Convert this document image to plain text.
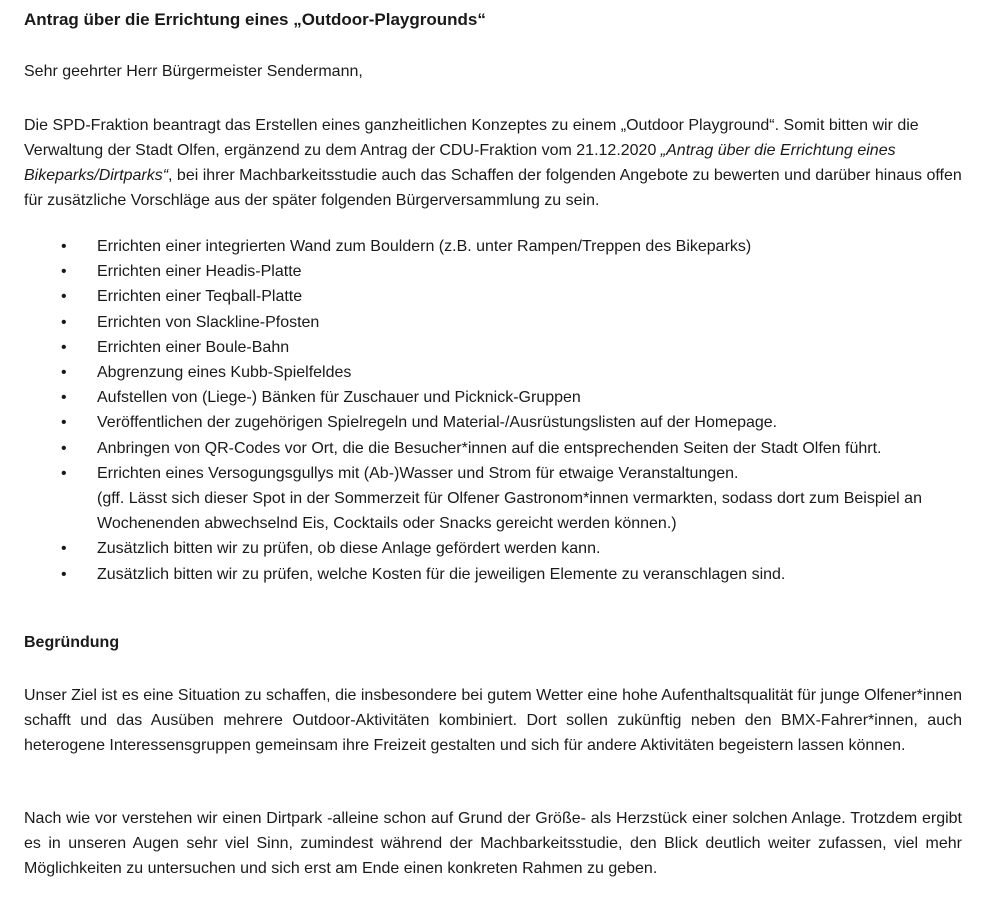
Antrag über die Errichtung eines „Outdoor-Playgrounds“

Sehr geehrter Herr Bürgermeister Sendermann,

Die SPD-Fraktion beantragt das Erstellen eines ganzheitlichen Konzeptes zu einem „Outdoor Playground“. Somit bitten wir die Verwaltung der Stadt Olfen, ergänzend zu dem Antrag der CDU-Fraktion vom 21.12.2020 „Antrag über die Errichtung eines Bikeparks/Dirtparks“, bei ihrer Machbarkeitsstudie auch das Schaffen der folgenden Angebote zu bewerten und darüber hinaus offen für zusätzliche Vorschläge aus der später folgenden Bürgerversammlung zu sein.

• Errichten einer integrierten Wand zum Bouldern (z.B. unter Rampen/Treppen des Bikeparks)
• Errichten einer Headis-Platte
• Errichten einer Teqball-Platte
• Errichten von Slackline-Pfosten
• Errichten einer Boule-Bahn
• Abgrenzung eines Kubb-Spielfeldes
• Aufstellen von (Liege-) Bänken für Zuschauer und Picknick-Gruppen
• Veröffentlichen der zugehörigen Spielregeln und Material-/Ausrüstungslisten auf der Homepage.
• Anbringen von QR-Codes vor Ort, die die Besucher*innen auf die entsprechenden Seiten der Stadt Olfen führt.
• Errichten eines Versogungsgullys mit (Ab-)Wasser und Strom für etwaige Veranstaltungen.
(gff. Lässt sich dieser Spot in der Sommerzeit für Olfener Gastronom*innen vermarkten, sodass dort zum Beispiel an Wochenenden abwechselnd Eis, Cocktails oder Snacks gereicht werden können.)
• Zusätzlich bitten wir zu prüfen, ob diese Anlage gefördert werden kann.
• Zusätzlich bitten wir zu prüfen, welche Kosten für die jeweiligen Elemente zu veranschlagen sind.
Begründung

Unser Ziel ist es eine Situation zu schaffen, die insbesondere bei gutem Wetter eine hohe Aufenthaltsqualität für junge Olfener*innen schafft und das Ausüben mehrere Outdoor-Aktivitäten kombiniert. Dort sollen zukünftig neben den BMX-Fahrer*innen, auch heterogene Interessensgruppen gemeinsam ihre Freizeit gestalten und sich für andere Aktivitäten begeistern lassen können.

Nach wie vor verstehen wir einen Dirtpark -alleine schon auf Grund der Größe- als Herzstück einer solchen Anlage. Trotzdem ergibt es in unseren Augen sehr viel Sinn, zumindest während der Machbarkeitsstudie, den Blick deutlich weiter zufassen, viel mehr Möglichkeiten zu untersuchen und sich erst am Ende einen konkreten Rahmen zu geben.
